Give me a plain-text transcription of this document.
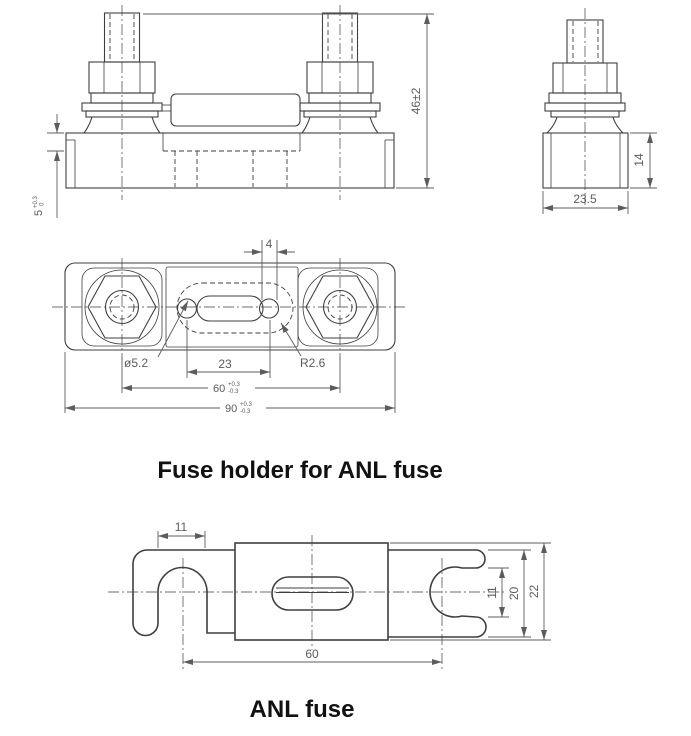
46±2
5
+0.3 0
14
23.5
4
ø5.2	R2.6
23
60 +0.3
-0.3
90 +0.3
-0.3
Fuse holder for ANL fuse
11
60
11 20 22
ANL fuse
